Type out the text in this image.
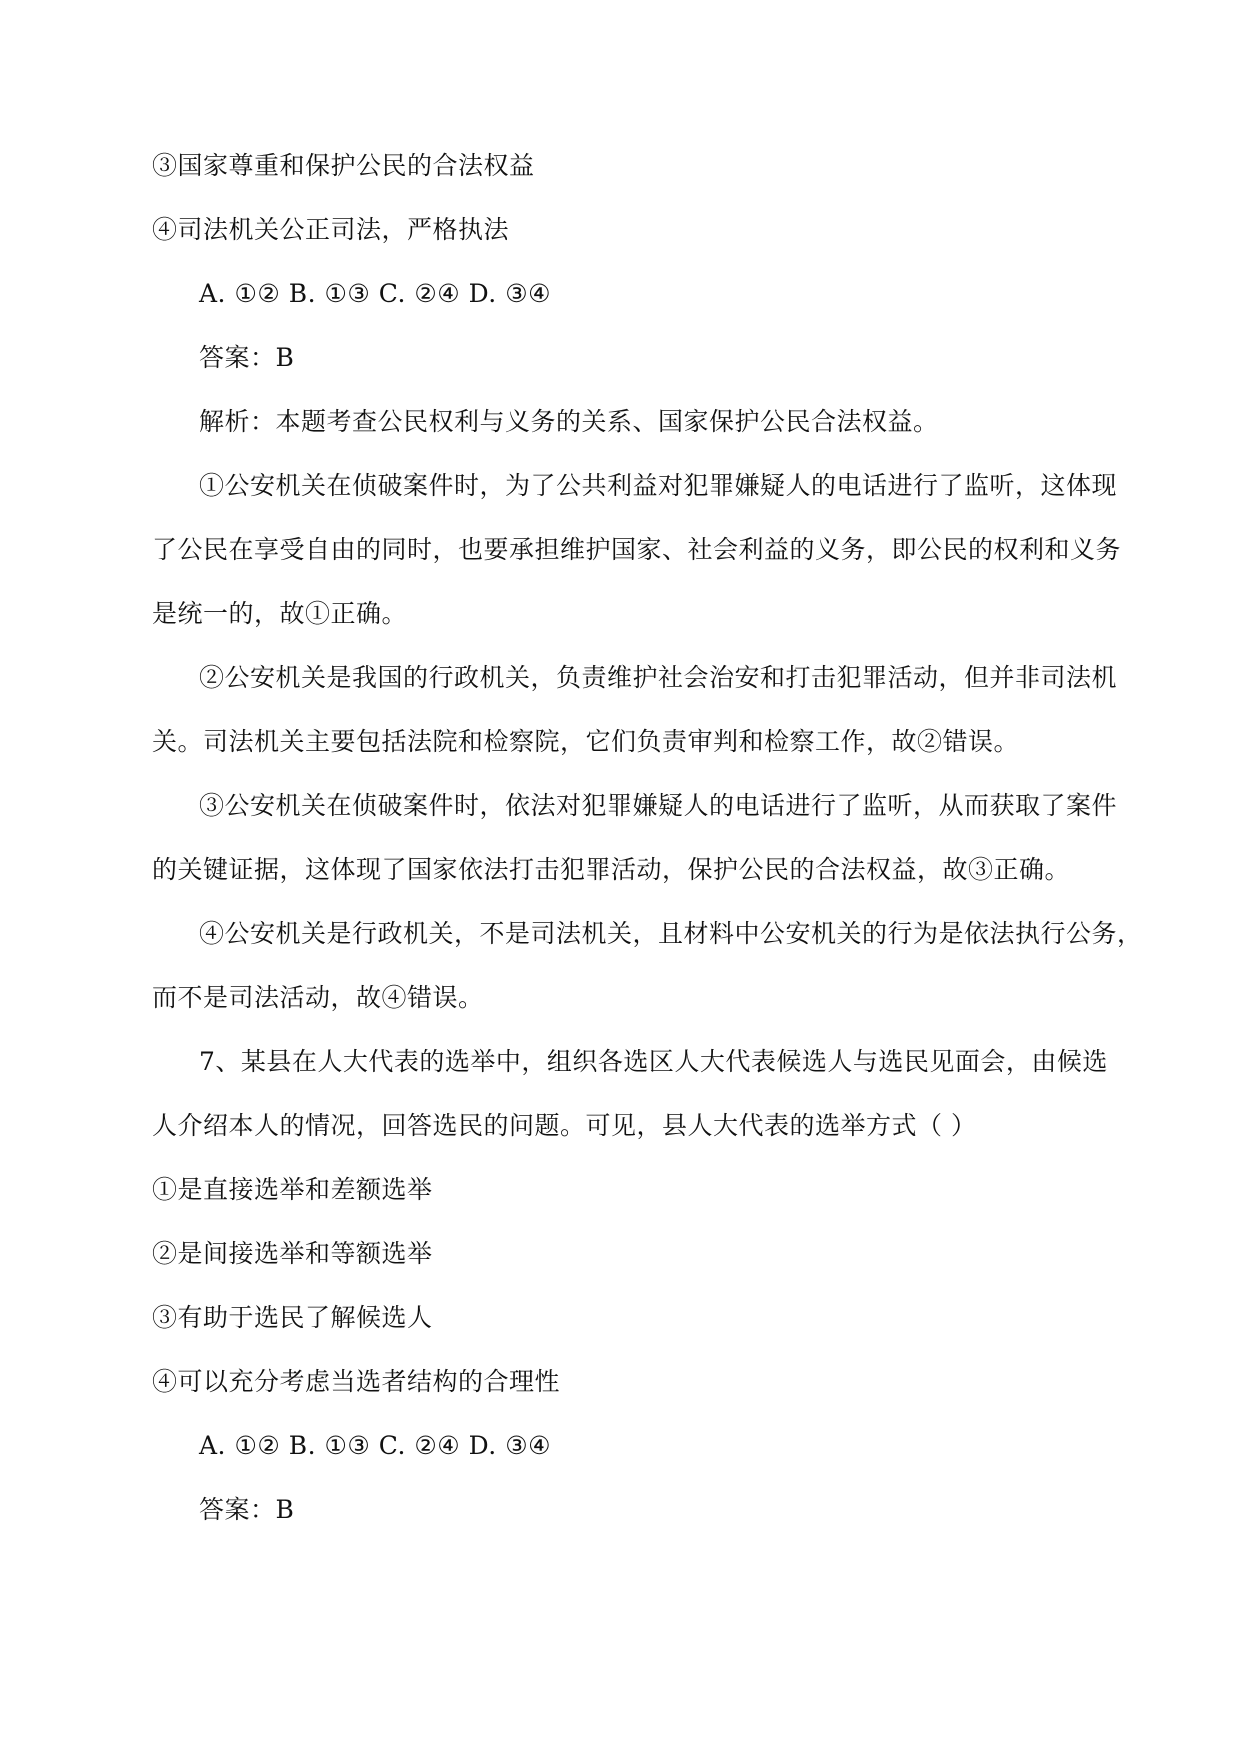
③国家尊重和保护公民的合法权益
④司法机关公正司法，严格执法
A. ①② B. ①③ C. ②④ D. ③④
答案：B
解析：本题考查公民权利与义务的关系、国家保护公民合法权益。
①公安机关在侦破案件时，为了公共利益对犯罪嫌疑人的电话进行了监听，这体现
了公民在享受自由的同时，也要承担维护国家、社会利益的义务，即公民的权利和义务
是统一的，故①正确。
②公安机关是我国的行政机关，负责维护社会治安和打击犯罪活动，但并非司法机
关。司法机关主要包括法院和检察院，它们负责审判和检察工作，故②错误。
③公安机关在侦破案件时，依法对犯罪嫌疑人的电话进行了监听，从而获取了案件
的关键证据，这体现了国家依法打击犯罪活动，保护公民的合法权益，故③正确。
④公安机关是行政机关，不是司法机关，且材料中公安机关的行为是依法执行公务，
而不是司法活动，故④错误。
7、某县在人大代表的选举中，组织各选区人大代表候选人与选民见面会，由候选
人介绍本人的情况，回答选民的问题。可见，县人大代表的选举方式（ ）
①是直接选举和差额选举
②是间接选举和等额选举
③有助于选民了解候选人
④可以充分考虑当选者结构的合理性
A. ①② B. ①③ C. ②④ D. ③④
答案：B
